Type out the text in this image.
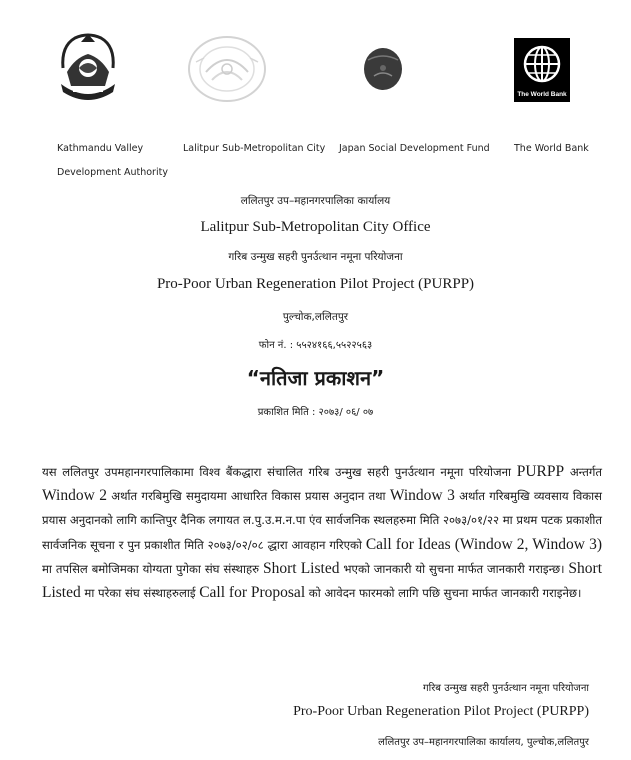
The World Bank
Kathmandu Valley
Development Authority
Lalitpur Sub-Metropolitan City Japan Social Development Fund	The World Bank
ललितपुर उप–महानगरपालिका कार्यालय
Lalitpur Sub-Metropolitan City Office
गरिब उन्मुख सहरी पुनर्उत्थान नमूना परियोजना
Pro-Poor Urban Regeneration Pilot Project (PURPP)
पुल्चोक,ललितपुर
फोन नं. : ५५२४१६६,५५२२५६३
“नतिजा प्रकाशन”
प्रकाशित मिति : २०७३/ ०६/ ०७
यस ललितपुर उपमहानगरपालिकामा विश्व बैंकद्धारा संचालित गरिब उन्मुख सहरी पुनर्उत्थान नमूना परियोजना PURPP अन्तर्गत Window 2 अर्थात गरबिमुखि समुदायमा आधारित विकास प्रयास अनुदान तथा Window 3 अर्थात गरिबमुखि व्यवसाय विकास प्रयास अनुदानको लागि कान्तिपुर दैनिक लगायत ल.पु.उ.म.न.पा एंव सार्वजनिक स्थलहरुमा मिति २०७३/०१/२२ मा प्रथम पटक प्रकाशीत सार्वजनिक सूचना र पुन प्रकाशीत मिति २०७३/०२/०८ द्धारा आवहान गरिएको Call for Ideas (Window 2, Window 3) मा तपसिल बमोजिमका योग्यता पुगेका संघ संस्थाहरु Short Listed भएको जानकारी यो सुचना मार्फत जानकारी गराइन्छ। Short Listed मा परेका संघ संस्थाहरुलाई Call for Proposal को आवेदन फारमको लागि पछि सुचना मार्फत जानकारी गराइनेछ।
गरिब उन्मुख सहरी पुनर्उत्थान नमूना परियोजना
Pro-Poor Urban Regeneration Pilot Project (PURPP)
ललितपुर उप–महानगरपालिका कार्यालय, पुल्चोक,ललितपुर
